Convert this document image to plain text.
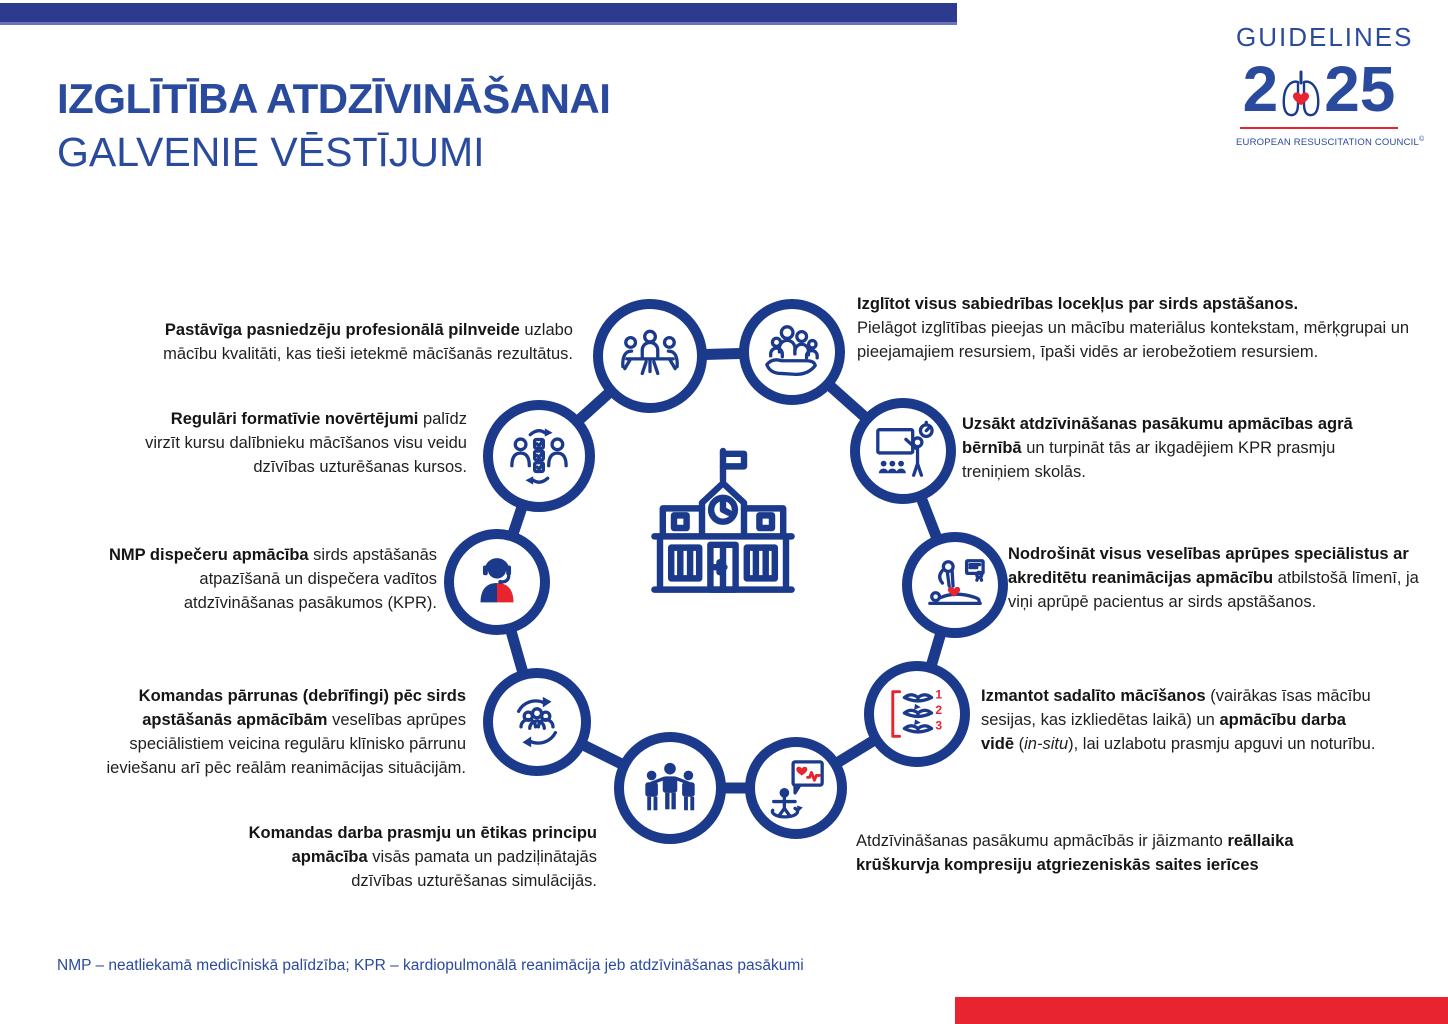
IZGLĪTĪBA ATDZĪVINĀŠANAI
GALVENIE VĒSTĪJUMI
GUIDELINES
2 25
EUROPEAN RESUSCITATION COUNCIL©
1
2
3
Pastāvīga pasniedzēju profesionālā pilnveide uzlabo mācību kvalitāti, kas tieši ietekmē mācīšanās rezultātus.
Regulāri formatīvie novērtējumi palīdz virzīt kursu dalībnieku mācīšanos visu veidu dzīvības uzturēšanas kursos.
NMP dispečeru apmācība sirds apstāšanās atpazīšanā un dispečera vadītos atdzīvināšanas pasākumos (KPR).
Komandas pārrunas (debrīfingi) pēc sirds apstāšanās apmācībām veselības aprūpes speciālistiem veicina regulāru klīnisko pārrunu ieviešanu arī pēc reālām reanimācijas situācijām.
Komandas darba prasmju un ētikas principu apmācība visās pamata un padziļinātajās dzīvības uzturēšanas simulācijās.
Izglītot visus sabiedrības locekļus par sirds apstāšanos.
Pielāgot izglītības pieejas un mācību materiālus kontekstam, mērķgrupai un pieejamajiem resursiem, īpaši vidēs ar ierobežotiem resursiem.
Uzsākt atdzīvināšanas pasākumu apmācības agrā bērnībā un turpināt tās ar ikgadējiem KPR prasmju treniņiem skolās.
Nodrošināt visus veselības aprūpes speciālistus ar akreditētu reanimācijas apmācību atbilstošā līmenī, ja viņi aprūpē pacientus ar sirds apstāšanos.
Izmantot sadalīto mācīšanos (vairākas īsas mācību sesijas, kas izkliedētas laikā) un apmācību darba vidē (in-situ), lai uzlabotu prasmju apguvi un noturību.
Atdzīvināšanas pasākumu apmācībās ir jāizmanto reāllaika krūškurvja kompresiju atgriezeniskās saites ierīces
NMP – neatliekamā medicīniskā palīdzība; KPR – kardiopulmonālā reanimācija jeb atdzīvināšanas pasākumi
